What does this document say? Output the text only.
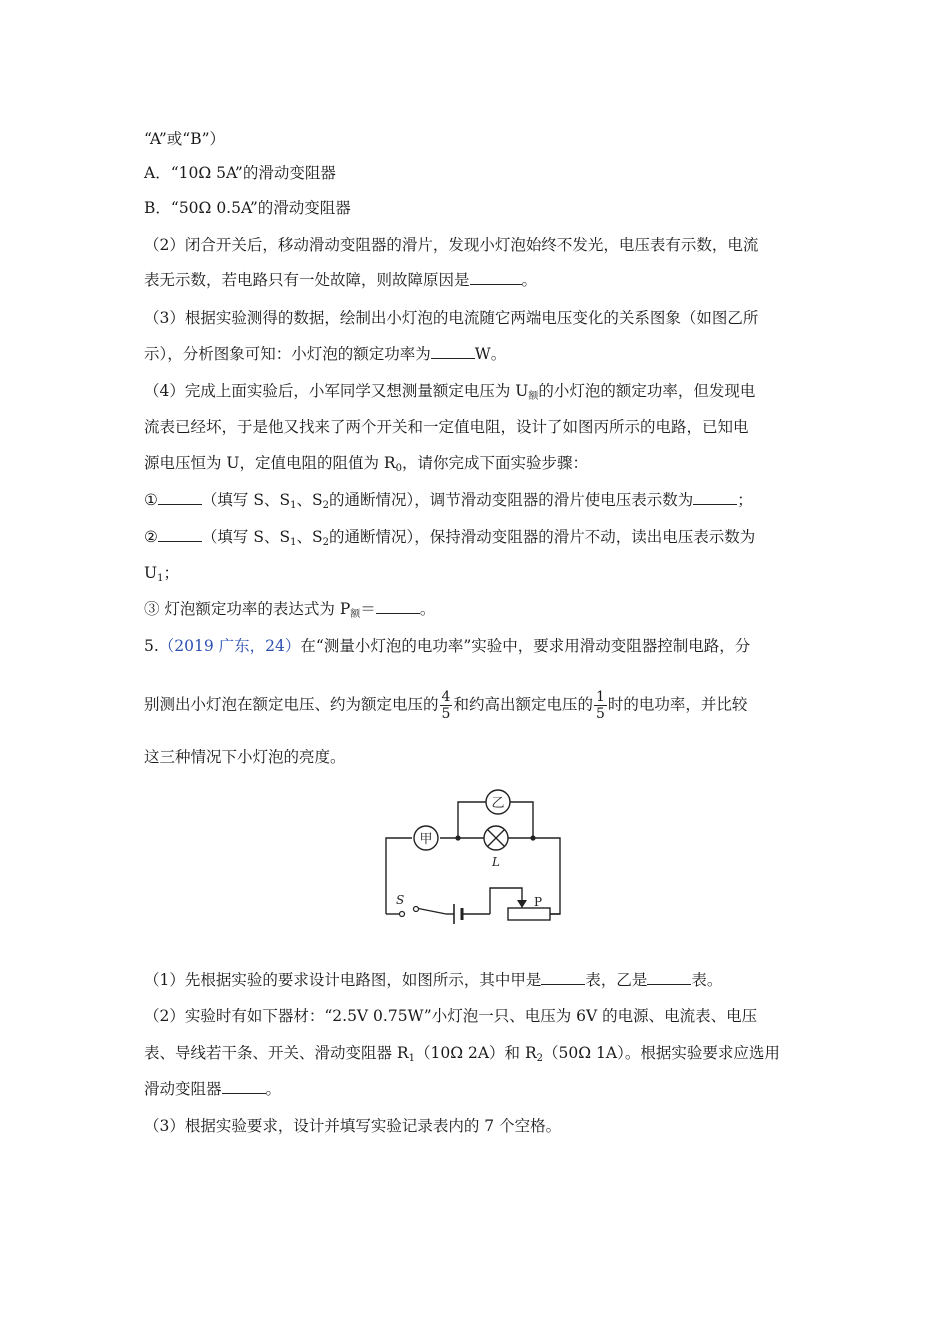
“A”或“B”）
A．“10Ω 5A”的滑动变阻器
B．“50Ω 0.5A”的滑动变阻器
（2）闭合开关后，移动滑动变阻器的滑片，发现小灯泡始终不发光，电压表有示数，电流
表无示数，若电路只有一处故障，则故障原因是	。
（3）根据实验测得的数据，绘制出小灯泡的电流随它两端电压变化的关系图象（如图乙所
示），分析图象可知：小灯泡的额定功率为	W。
（4）完成上面实验后，小军同学又想测量额定电压为 $U_额$的小灯泡的额定功率，但发现电
流表已经坏，于是他又找来了两个开关和一定值电阻，设计了如图丙所示的电路，已知电
源电压恒为 U，定值电阻的阻值为 $R_0$，请你完成下面实验步骤：
①	（填写 S、$S_1$、$S_2$的通断情况），调节滑动变阻器的滑片使电压表示数为	；
②	（填写 S、$S_1$、$S_2$的通断情况），保持滑动变阻器的滑片不动，读出电压表示数为
$U_1$；
③ 灯泡额定功率的表达式为 $P_额=$	。
5.（2019 广东，24）在“测量小灯泡的电功率”实验中，要求用滑动变阻器控制电路，分
别测出小灯泡在额定电压、约为额定电压的 $\frac{4}{5}$ 和约高出额定电压的 $\frac{1}{5}$ 时的电功率，并比较
这三种情况下小灯泡的亮度。
甲
乙
L
S	P
（1）先根据实验的要求设计电路图，如图所示，其中甲是	表，乙是	表。
（2）实验时有如下器材：“2.5V 0.75W”小灯泡一只、电压为 6V 的电源、电流表、电压
表、导线若干条、开关、滑动变阻器 $R_1(10\Omega$ 2A）和 $R_2(50\Omega$ 1A）。根据实验要求应选用
滑动变阻器	。
（3）根据实验要求，设计并填写实验记录表内的 7 个空格。
